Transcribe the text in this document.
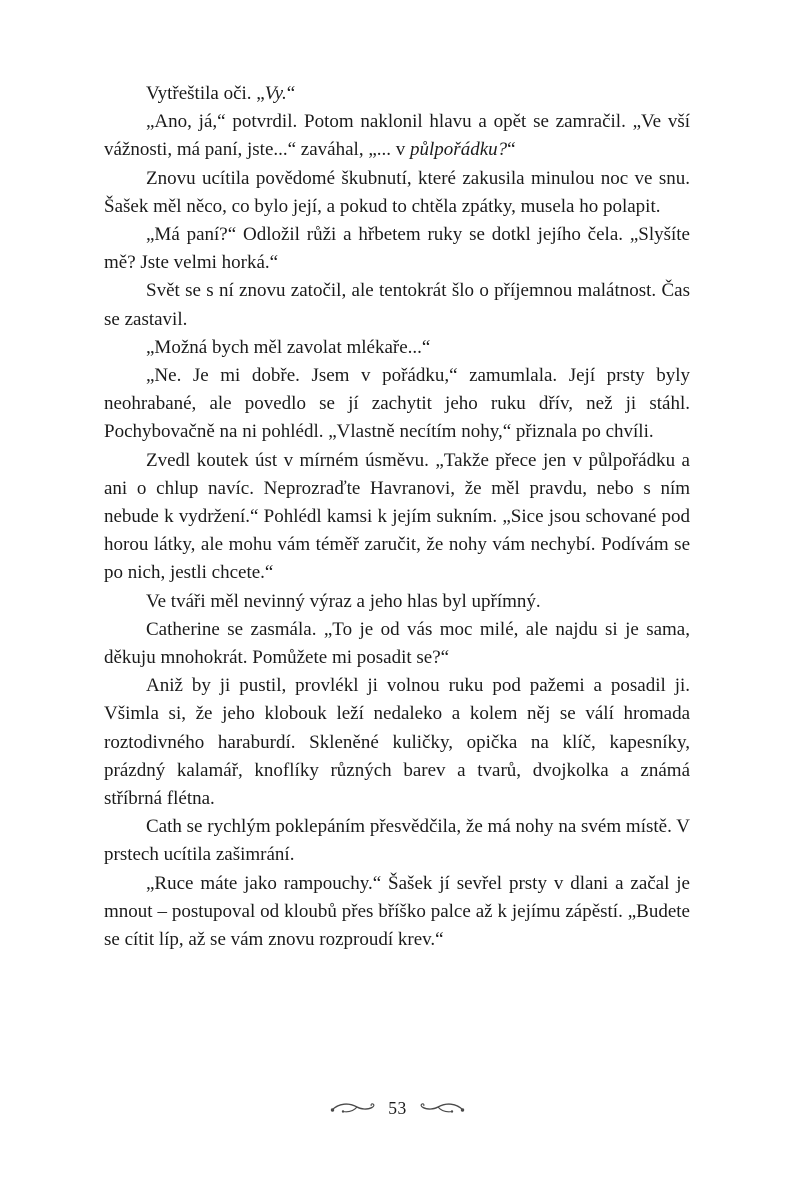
Vytřeštila oči. „Vy.“

„Ano, já,“ potvrdil. Potom naklonil hlavu a opět se zamračil. „Ve vší vážnosti, má paní, jste...“ zaváhal, „... v půlpořádku?“

Znovu ucítila povědomé škubnutí, které zakusila minulou noc ve snu. Šašek měl něco, co bylo její, a pokud to chtěla zpátky, musela ho polapit.

„Má paní?“ Odložil růži a hřbetem ruky se dotkl jejího čela. „Slyšíte mě? Jste velmi horká.“

Svět se s ní znovu zatočil, ale tentokrát šlo o příjemnou malátnost. Čas se zastavil.

„Možná bych měl zavolat mlékaře...“

„Ne. Je mi dobře. Jsem v pořádku,“ zamumlala. Její prsty byly neohrabané, ale povedlo se jí zachytit jeho ruku dřív, než ji stáhl. Pochybovačně na ni pohlédl. „Vlastně necítím nohy,“ přiznala po chvíli.

Zvedl koutek úst v mírném úsměvu. „Takže přece jen v půlpořádku a ani o chlup navíc. Neprozraďte Havranovi, že měl pravdu, nebo s ním nebude k vydržení.“ Pohlédl kamsi k jejím sukním. „Sice jsou schované pod horou látky, ale mohu vám téměř zaručit, že nohy vám nechybí. Podívám se po nich, jestli chcete.“

Ve tváři měl nevinný výraz a jeho hlas byl upřímný.

Catherine se zasmála. „To je od vás moc milé, ale najdu si je sama, děkuju mnohokrát. Pomůžete mi posadit se?“

Aniž by ji pustil, provlékl ji volnou ruku pod pažemi a posadil ji. Všimla si, že jeho klobouk leží nedaleko a kolem něj se válí hromada roztodivného haraburdí. Skleněné kuličky, opička na klíč, kapesníky, prázdný kalamář, knoflíky různých barev a tvarů, dvojkolka a známá stříbrná flétna.

Cath se rychlým poklepáním přesvědčila, že má nohy na svém místě. V prstech ucítila zašimrání.

„Ruce máte jako rampouchy.“ Šašek jí sevřel prsty v dlani a začal je mnout – postupoval od kloubů přes bříško palce až k jejímu zápěstí. „Budete se cítit líp, až se vám znovu rozproudí krev.“

53
